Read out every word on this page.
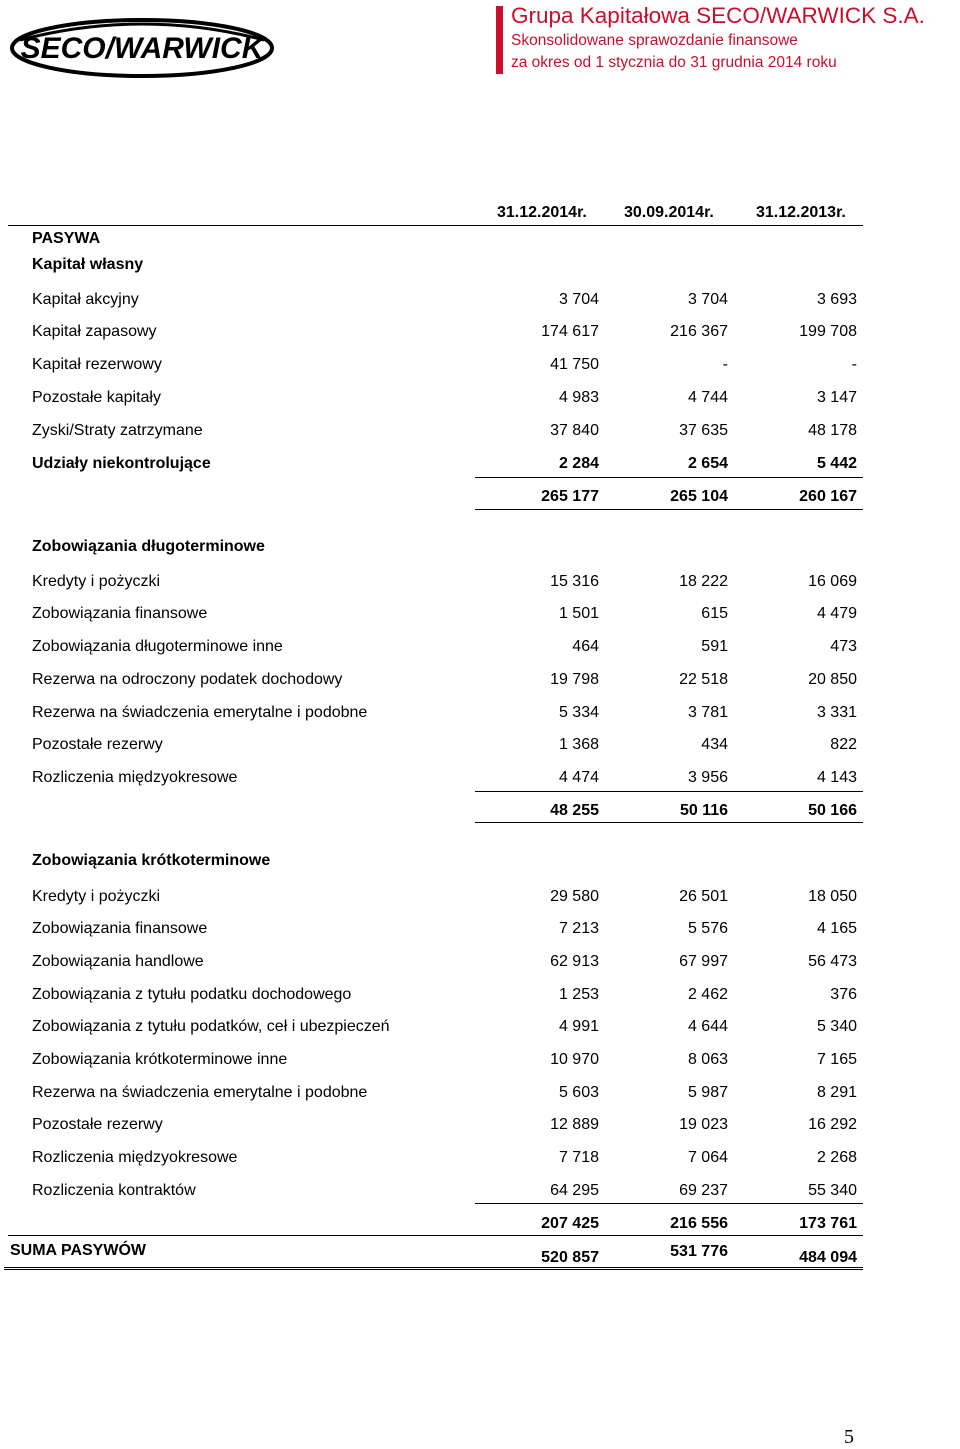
SECO/WARWICK
Grupa Kapitałowa SECO/WARWICK S.A.
Skonsolidowane sprawozdanie finansowe
za okres od 1 stycznia do 31 grudnia 2014 roku
31.12.2014r. 30.09.2014r.	31.12.2013r.
PASYWA
Kapitał własny
Kapitał akcyjny	3 704	3 704	3 693
Kapitał zapasowy	174 617	216 367	199 708
Kapitał rezerwowy	41 750	-	-
Pozostałe kapitały	4 983	4 744	3 147
Zyski/Straty zatrzymane	37 840	37 635	48 178
Udziały niekontrolujące	2 284	2 654	5 442
265 177	265 104	260 167
Zobowiązania długoterminowe
Kredyty i pożyczki	15 316	18 222	16 069
Zobowiązania finansowe	1 501	615	4 479
Zobowiązania długoterminowe inne	464	591	473
Rezerwa na odroczony podatek dochodowy	19 798	22 518	20 850
Rezerwa na świadczenia emerytalne i podobne	5 334	3 781	3 331
Pozostałe rezerwy	1 368	434	822
Rozliczenia międzyokresowe	4 474	3 956	4 143
48 255	50 116	50 166
Zobowiązania krótkoterminowe
Kredyty i pożyczki	29 580	26 501	18 050
Zobowiązania finansowe	7 213	5 576	4 165
Zobowiązania handlowe	62 913	67 997	56 473
Zobowiązania z tytułu podatku dochodowego	1 253	2 462	376
Zobowiązania z tytułu podatków, ceł i ubezpieczeń	4 991	4 644	5 340
Zobowiązania krótkoterminowe inne	10 970	8 063	7 165
Rezerwa na świadczenia emerytalne i podobne	5 603	5 987	8 291
Pozostałe rezerwy	12 889	19 023	16 292
Rozliczenia międzyokresowe	7 718	7 064	2 268
Rozliczenia kontraktów	64 295	69 237	55 340
207 425	216 556	173 761
SUMA PASYWÓW	520 857	531 776	484 094
5
